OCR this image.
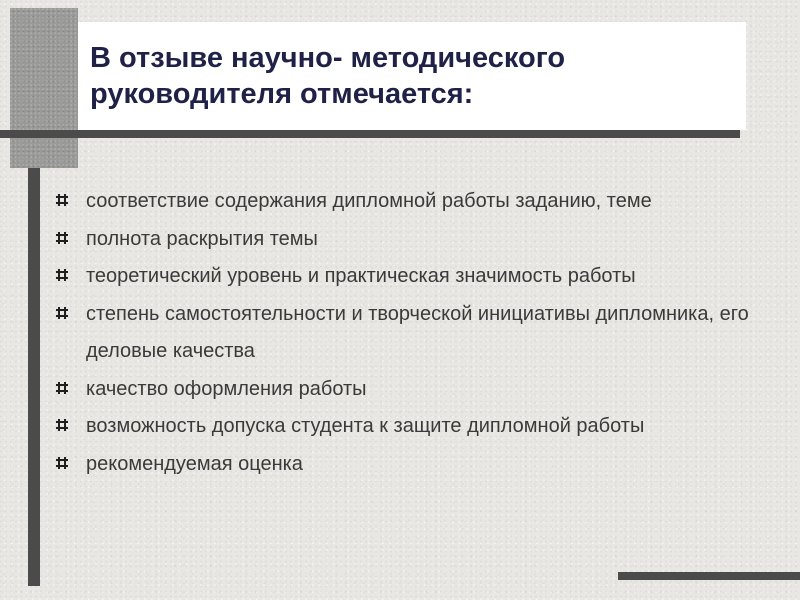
В отзыве научно- методического руководителя отмечается:
соответствие содержания дипломной работы заданию, теме
полнота раскрытия темы
теоретический уровень и практическая значимость работы
степень самостоятельности и творческой инициативы дипломника, его деловые качества
качество оформления работы
возможность допуска студента к защите дипломной работы
рекомендуемая оценка
